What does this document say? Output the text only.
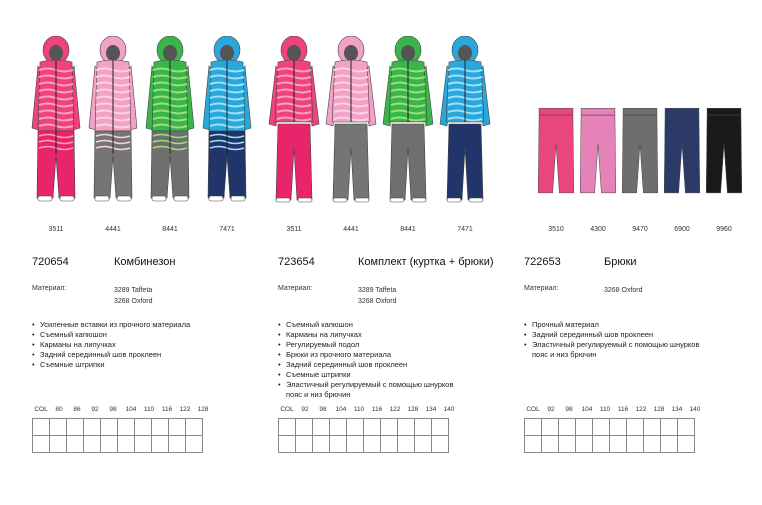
3511	4441	8441	7471
720654	Комбинезон
Материал:	3289 Taffeta
3268 Oxford
• Усиленные вставки из прочного материала
• Съемный капюшон
• Карманы на липучках
• Задний серединный шов проклеен
• Съемные штрипки
COL 80 86 92 98 104 110 116 122 128

3511	4441	8441	7471
723654	Комплект (куртка + брюки)
Материал:	3289 Taffeta
3268 Oxford
• Съемный капюшон
• Карманы на липучках
• Регулируемый подол
• Брюки из прочного материала
• Задний серединный шов проклеен
• Съемные штрипки
• Эластичный регулируемый с помощью шнурков
пояс и низ брючин
COL 92 98 104 110 116 122 128 134 140

3510	4300	9470	6900	9960
722653	Брюки
Материал:	3268 Oxford
• Прочный материал
• Задний серединный шов проклеен
• Эластичный регулируемый с помощью шнурков
пояс и низ брючин
COL 92 98 104 110 116 122 128 134 140
